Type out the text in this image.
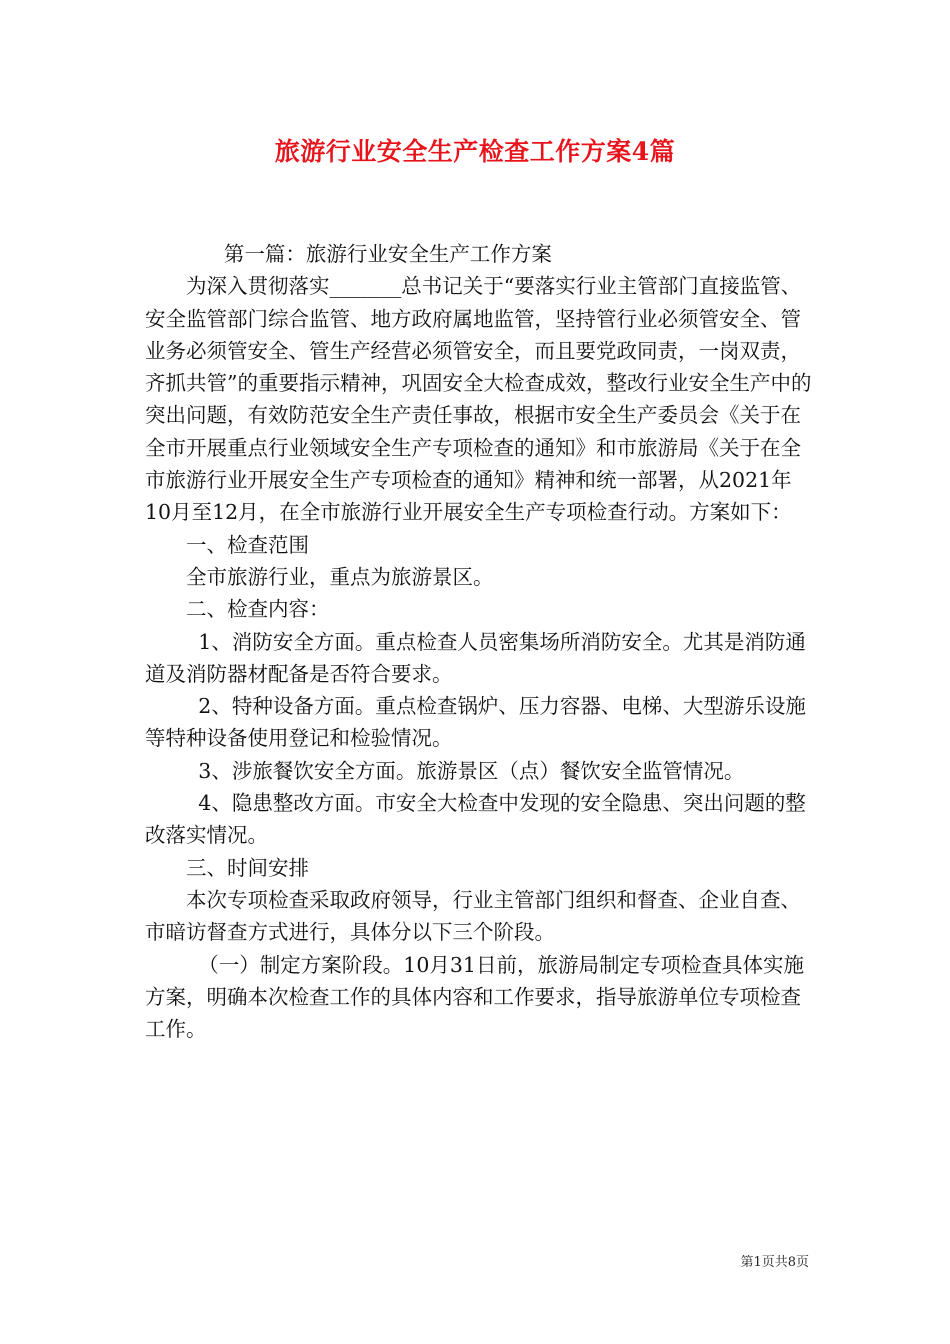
旅游行业安全生产检查工作方案4篇

第一篇：旅游行业安全生产工作方案

为深入贯彻落实_______总书记关于“要落实行业主管部门直接监管、安全监管部门综合监管、地方政府属地监管，坚持管行业必须管安全、管业务必须管安全、管生产经营必须管安全，而且要党政同责，一岗双责，齐抓共管”的重要指示精神，巩固安全大检查成效，整改行业安全生产中的突出问题，有效防范安全生产责任事故，根据市安全生产委员会《关于在全市开展重点行业领域安全生产专项检查的通知》和市旅游局《关于在全市旅游行业开展安全生产专项检查的通知》精神和统一部署，从2021年10月至12月，在全市旅游行业开展安全生产专项检查行动。方案如下：

一、检查范围

全市旅游行业，重点为旅游景区。

二、检查内容：

1、消防安全方面。重点检查人员密集场所消防安全。尤其是消防通道及消防器材配备是否符合要求。

2、特种设备方面。重点检查锅炉、压力容器、电梯、大型游乐设施等特种设备使用登记和检验情况。

3、涉旅餐饮安全方面。旅游景区（点）餐饮安全监管情况。

4、隐患整改方面。市安全大检查中发现的安全隐患、突出问题的整改落实情况。

三、时间安排

本次专项检查采取政府领导，行业主管部门组织和督查、企业自查、市暗访督查方式进行，具体分以下三个阶段。

（一）制定方案阶段。10月31日前，旅游局制定专项检查具体实施方案，明确本次检查工作的具体内容和工作要求，指导旅游单位专项检查工作。

第1页共8页
